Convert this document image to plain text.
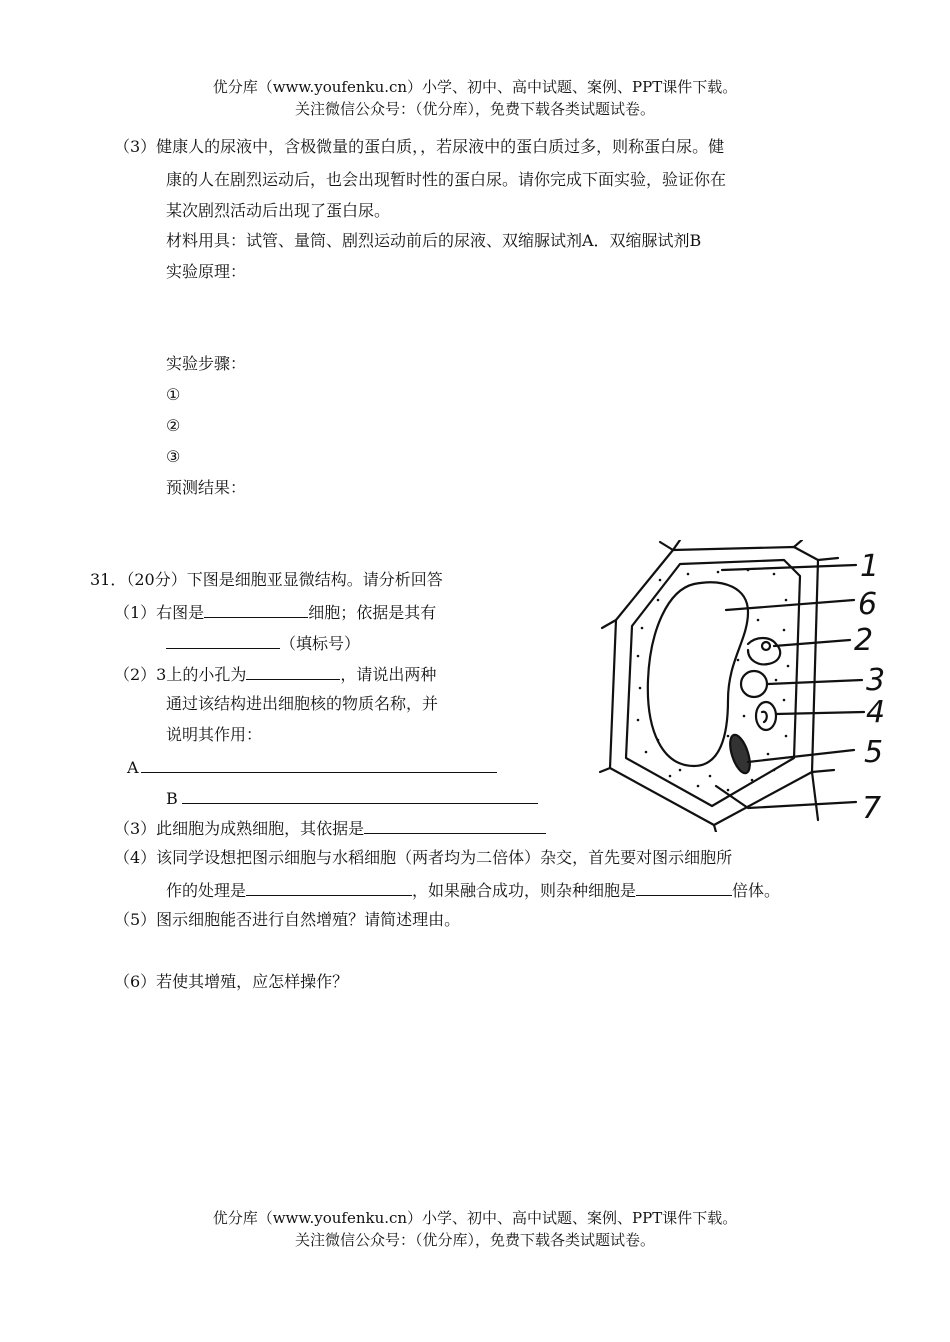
优分库（www.youfenku.cn）小学、初中、高中试题、案例、PPT课件下载。
关注微信公众号：（优分库），免费下载各类试题试卷。
（3）健康人的尿液中，含极微量的蛋白质，，若尿液中的蛋白质过多，则称蛋白尿。健
康的人在剧烈运动后，也会出现暂时性的蛋白尿。请你完成下面实验，验证你在
某次剧烈活动后出现了蛋白尿。
材料用具：试管、量筒、剧烈运动前后的尿液、双缩脲试剂A．双缩脲试剂B
实验原理：
实验步骤：
①
②
③
预测结果：
31．（20分）下图是细胞亚显微结构。请分析回答
（1）右图是	细胞；依据是其有
（填标号）
（2）3上的小孔为	，请说出两种
通过该结构进出细胞核的物质名称，并
说明其作用：
A
B
（3）此细胞为成熟细胞，其依据是
（4）该同学设想把图示细胞与水稻细胞（两者均为二倍体）杂交，首先要对图示细胞所
作的处理是	，如果融合成功，则杂种细胞是	倍体。
（5）图示细胞能否进行自然增殖？请简述理由。
（6）若使其增殖，应怎样操作？
1
6
2
3
4
5
7
优分库（www.youfenku.cn）小学、初中、高中试题、案例、PPT课件下载。
关注微信公众号：（优分库），免费下载各类试题试卷。
